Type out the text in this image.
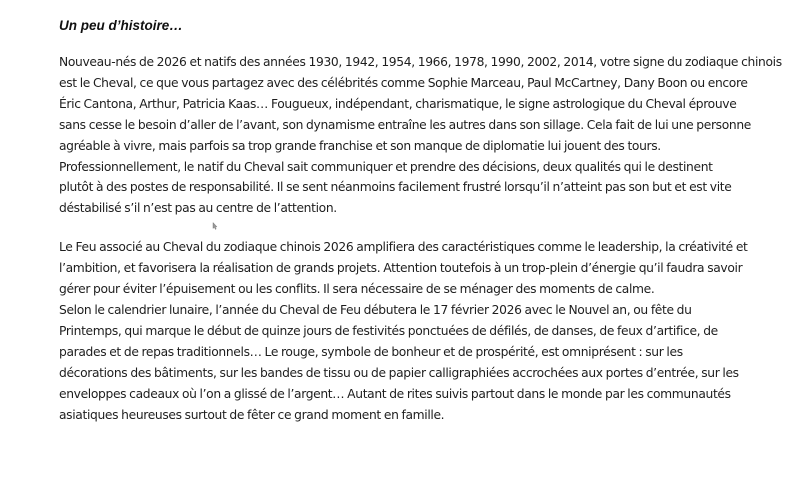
Un peu d’histoire…

Nouveau-nés de 2026 et natifs des années 1930, 1942, 1954, 1966, 1978, 1990, 2002, 2014, votre signe du zodiaque chinois
est le Cheval, ce que vous partagez avec des célébrités comme Sophie Marceau, Paul McCartney, Dany Boon ou encore
Éric Cantona, Arthur, Patricia Kaas… Fougueux, indépendant, charismatique, le signe astrologique du Cheval éprouve
sans cesse le besoin d’aller de l’avant, son dynamisme entraîne les autres dans son sillage. Cela fait de lui une personne
agréable à vivre, mais parfois sa trop grande franchise et son manque de diplomatie lui jouent des tours.
Professionnellement, le natif du Cheval sait communiquer et prendre des décisions, deux qualités qui le destinent
plutôt à des postes de responsabilité. Il se sent néanmoins facilement frustré lorsqu’il n’atteint pas son but et est vite
déstabilisé s’il n’est pas au centre de l’attention.

Le Feu associé au Cheval du zodiaque chinois 2026 amplifiera des caractéristiques comme le leadership, la créativité et
l’ambition, et favorisera la réalisation de grands projets. Attention toutefois à un trop-plein d’énergie qu’il faudra savoir
gérer pour éviter l’épuisement ou les conflits. Il sera nécessaire de se ménager des moments de calme.

Selon le calendrier lunaire, l’année du Cheval de Feu débutera le 17 février 2026 avec le Nouvel an, ou fête du
Printemps, qui marque le début de quinze jours de festivités ponctuées de défilés, de danses, de feux d’artifice, de
parades et de repas traditionnels… Le rouge, symbole de bonheur et de prospérité, est omniprésent : sur les
décorations des bâtiments, sur les bandes de tissu ou de papier calligraphiées accrochées aux portes d’entrée, sur les
enveloppes cadeaux où l’on a glissé de l’argent… Autant de rites suivis partout dans le monde par les communautés
asiatiques heureuses surtout de fêter ce grand moment en famille.
